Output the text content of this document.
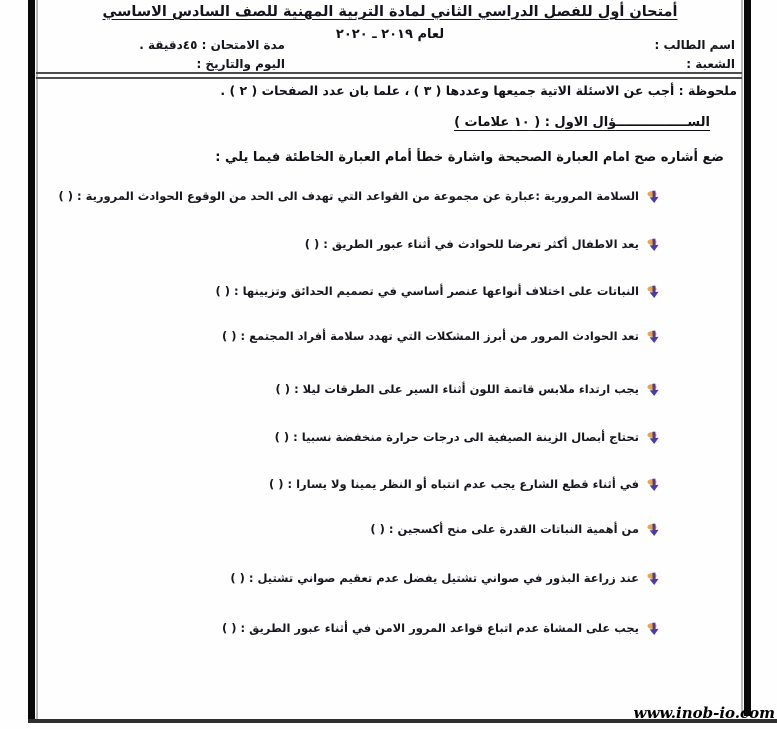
أمتحان أول للفصل الدراسي الثاني لمادة التربية المهنية للصف السادس الاساسي
لعام ٢٠١٩ ـ ٢٠٢٠
اسم الطالب :
الشعبة :
مدة الامتحان : ٤٥دقيقة .
اليوم والتاريخ :
ملحوظة : أجب عن الاسئلة الاتية جميعها وعددها ( ٣ ) ، علما بان عدد الصفحات ( ٢ ) .
الســــــــــــــــؤال الاول : ( ١٠ علامات )
ضع أشاره صح امام العبارة الصحيحة واشارة خطأ أمام العبارة الخاطئة فيما يلي :
السلامة المرورية :عبارة عن مجموعة من القواعد التي تهدف الى الحد من الوقوع الحوادث المرورية : ( )
يعد الاطفال أكثر تعرضا للحوادث في أثناء عبور الطريق : ( )
النباتات على اختلاف أنواعها عنصر أساسي في تصميم الحدائق وتزيينها : ( )
تعد الحوادث المرور من أبرز المشكلات التي تهدد سلامة أفراد المجتمع : ( )
يجب ارتداء ملابس قاتمة اللون أثناء السير على الطرقات ليلا : ( )
تحتاج أبصال الزينة الصيفية الى درجات حرارة منخفضة نسبيا : ( )
في أثناء قطع الشارع يجب عدم انتباه أو النظر يمينا ولا يسارا : ( )
من أهمية النباتات القدرة على منح أكسجين : ( )
عند زراعة البذور في صواني تشتيل يفضل عدم تعقيم صواني تشتيل : ( )
يجب على المشاة عدم اتباع قواعد المرور الامن في أثناء عبور الطريق : ( )
www.inob-io.com
